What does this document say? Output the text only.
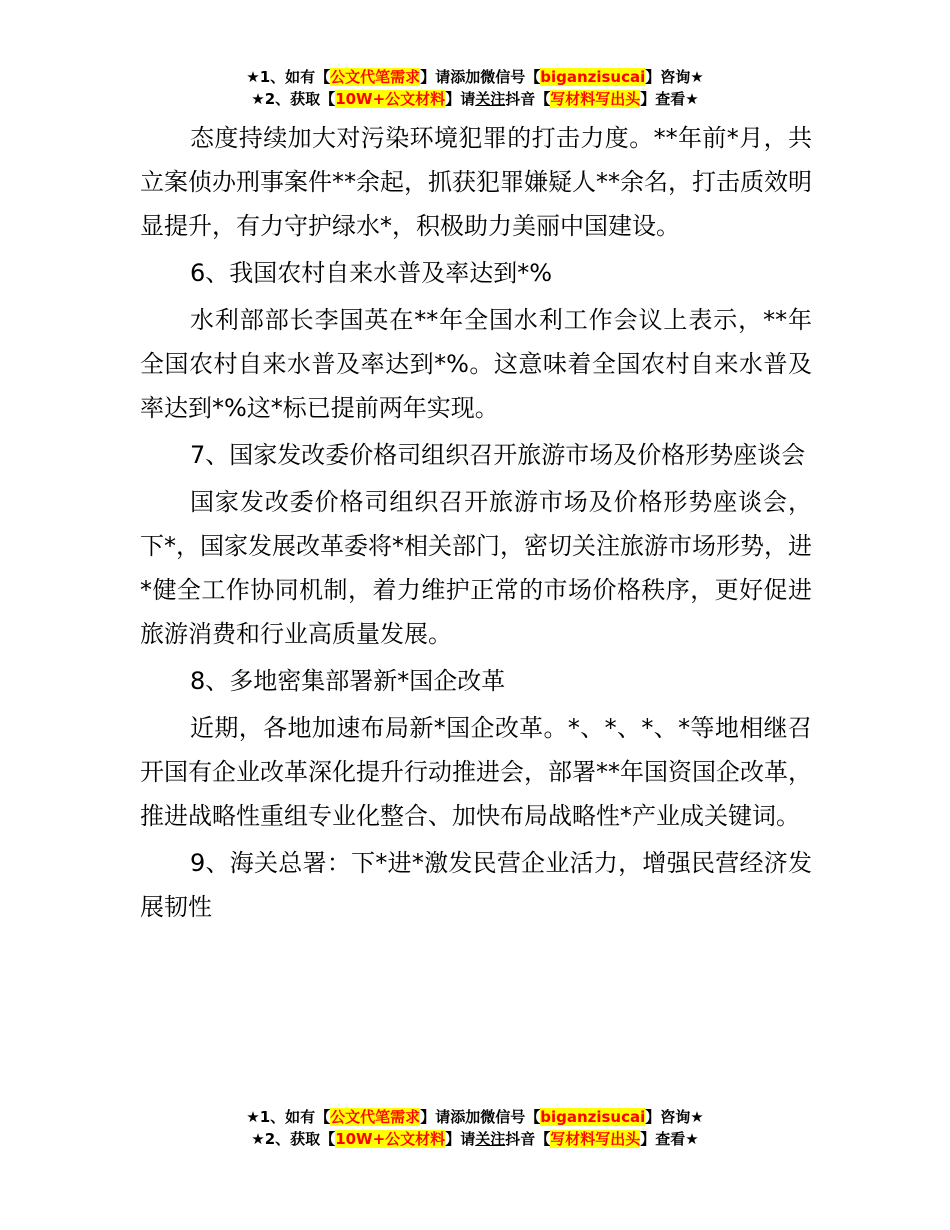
★1、如有【公文代笔需求】请添加微信号【biganzisucai】咨询★
★2、获取【10W+公文材料】请关注抖音【写材料写出头】查看★

态度持续加大对污染环境犯罪的打击力度。**年前*月，共立案侦办刑事案件**余起，抓获犯罪嫌疑人**余名，打击质效明显提升，有力守护绿水*，积极助力美丽中国建设。

6、我国农村自来水普及率达到*%

水利部部长李国英在**年全国水利工作会议上表示，**年全国农村自来水普及率达到*%。这意味着全国农村自来水普及率达到*%这*标已提前两年实现。

7、国家发改委价格司组织召开旅游市场及价格形势座谈会

国家发改委价格司组织召开旅游市场及价格形势座谈会，下*，国家发展改革委将*相关部门，密切关注旅游市场形势，进*健全工作协同机制，着力维护正常的市场价格秩序，更好促进旅游消费和行业高质量发展。

8、多地密集部署新*国企改革

近期，各地加速布局新*国企改革。*、*、*、*等地相继召开国有企业改革深化提升行动推进会，部署**年国资国企改革，推进战略性重组专业化整合、加快布局战略性*产业成关键词。

9、海关总署：下*进*激发民营企业活力，增强民营经济发展韧性

★1、如有【公文代笔需求】请添加微信号【biganzisucai】咨询★
★2、获取【10W+公文材料】请关注抖音【写材料写出头】查看★
